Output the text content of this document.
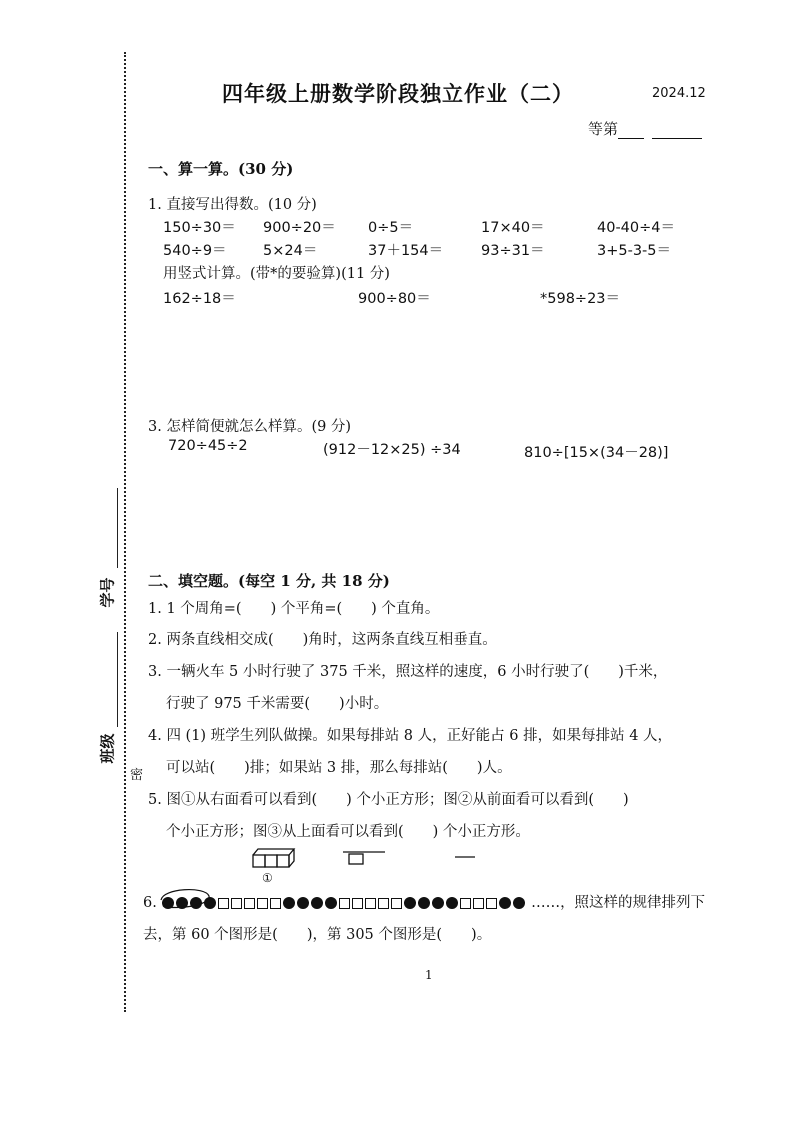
学号
班级
密
四年级上册数学阶段独立作业（二）	2024.12
等第
一、算一算。(30 分)
1. 直接写出得数。(10 分)
150÷30＝ 900÷20＝ 0÷5＝	17×40＝	40-40÷4＝
540÷9＝	5×24＝	37＋154＝	93÷31＝	3+5-3-5＝
用竖式计算。(带*的要验算)(11 分)
162÷18＝	900÷80＝	*598÷23＝
3. 怎样简便就怎么样算。(9 分)
720÷45÷2	(912－12×25) ÷34	810÷[15×(34－28)]
二、填空题。(每空 1 分, 共 18 分)
1. 1 个周角=(　　) 个平角=(　　) 个直角。
2. 两条直线相交成(　　)角时，这两条直线互相垂直。
3. 一辆火车 5 小时行驶了 375 千米，照这样的速度，6 小时行驶了(　　)千米，
行驶了 975 千米需要(　　)小时。
4. 四 (1) 班学生列队做操。如果每排站 8 人，正好能占 6 排，如果每排站 4 人，
可以站(　　)排；如果站 3 排，那么每排站(　　)人。
5. 图①从右面看可以看到(　　) 个小正方形；图②从前面看可以看到(　　)
个小正方形；图③从上面看可以看到(　　) 个小正方形。
①
6.	……，照这样的规律排列下
去，第 60 个图形是(　　)，第 305 个图形是(　　)。
1
